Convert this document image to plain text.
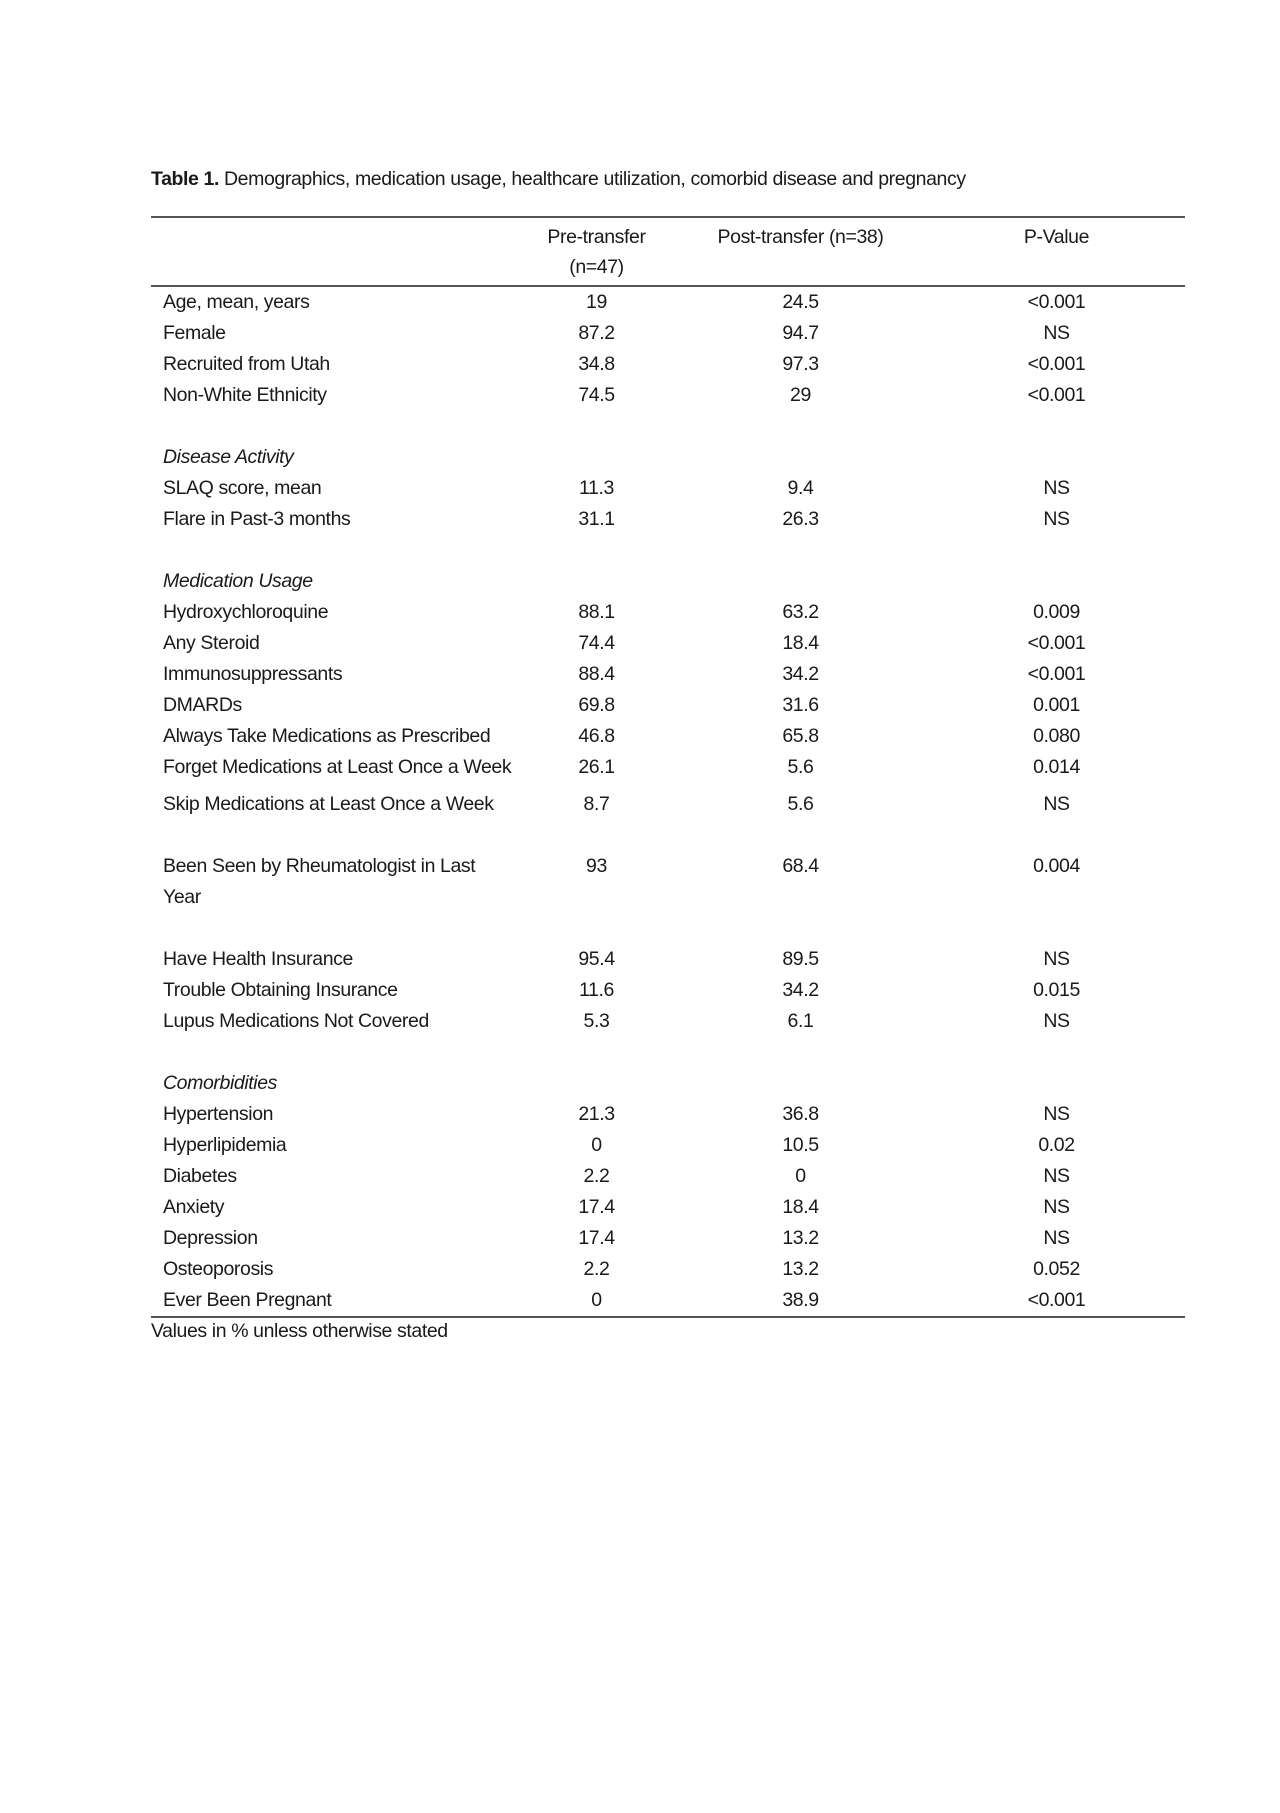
Table 1. Demographics, medication usage, healthcare utilization, comorbid disease and pregnancy
	Pre-transfer (n=47)	Post-transfer (n=38)	P-Value
Age, mean, years	19	24.5	<0.001
Female	87.2	94.7	NS
Recruited from Utah	34.8	97.3	<0.001
Non-White Ethnicity	74.5	29	<0.001

Disease Activity			
SLAQ score, mean	11.3	9.4	NS
Flare in Past-3 months	31.1	26.3	NS

Medication Usage			
Hydroxychloroquine	88.1	63.2	0.009
Any Steroid	74.4	18.4	<0.001
Immunosuppressants	88.4	34.2	<0.001
DMARDs	69.8	31.6	0.001
Always Take Medications as Prescribed	46.8	65.8	0.080
Forget Medications at Least Once a Week	26.1	5.6	0.014
Skip Medications at Least Once a Week	8.7	5.6	NS

Been Seen by Rheumatologist in Last Year	93	68.4	0.004

Have Health Insurance	95.4	89.5	NS
Trouble Obtaining Insurance	11.6	34.2	0.015
Lupus Medications Not Covered	5.3	6.1	NS

Comorbidities			
Hypertension	21.3	36.8	NS
Hyperlipidemia	0	10.5	0.02
Diabetes	2.2	0	NS
Anxiety	17.4	18.4	NS
Depression	17.4	13.2	NS
Osteoporosis	2.2	13.2	0.052
Ever Been Pregnant	0	38.9	<0.001
Values in % unless otherwise stated
